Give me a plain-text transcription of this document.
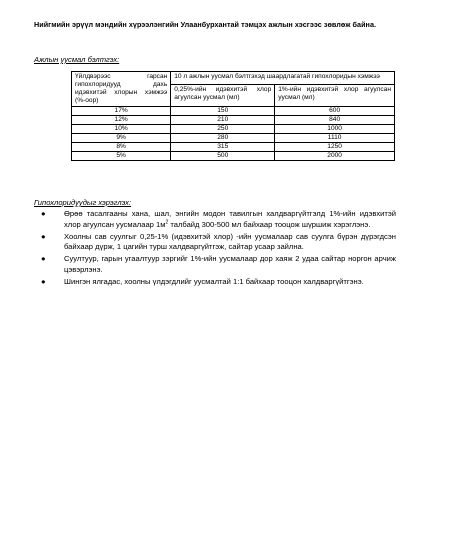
Нийгмийн эрүүл мэндийн хүрээлэнгийн Улаанбурхантай тэмцэх ажлын хэсгээс зөвлөж байна.
Ажлын уусмал бэлтгэх:
Үйлдвэрээс гарсан гипохлоридууд дахь идэвхитэй хлорын хэмжээ (%-оор)	10 л ажлын уусмал бэлтгэхэд шаардлагатай гипохлоридын хэмжээ	
	0,25%-ийн идэвхитэй хлор агуулсан уусмал (мл)	1%-ийн идэвхитэй хлор агуулсан уусмал (мл)
17%	150	600
12%	210	840
10%	250	1000
9%	280	1110
8%	315	1250
5%	500	2000
Гипохлоридуудыг хэрэглэх:
● Өрөө тасалгааны хана, шал, энгийн модон тавилгын халдваргүйтгэлд 1%-ийн идэвхитэй хлор агуулсан уусмалаар $1м^2$ талбайд 300-500 мл байхаар тооцож шүршиж хэрэглэнэ.
● Хоолны сав суулгыг 0,25-1% (идэвхитэй хлор) -ийн уусмалаар сав суулга бүрэн дүрэгдсэн байхаар дүрж, 1 цагийн турш халдваргүйтгэж, сайтар усаар зайлна.
● Суултуур, гарын угаалтуур зэргийг 1%-ийн уусмалаар дор хаяж 2 удаа сайтар норгон арчиж цэвэрлэнэ.
● Шингэн ялгадас, хоолны үлдэгдлийг уусмалтай 1:1 байхаар тооцон халдваргүйтгэнэ.
